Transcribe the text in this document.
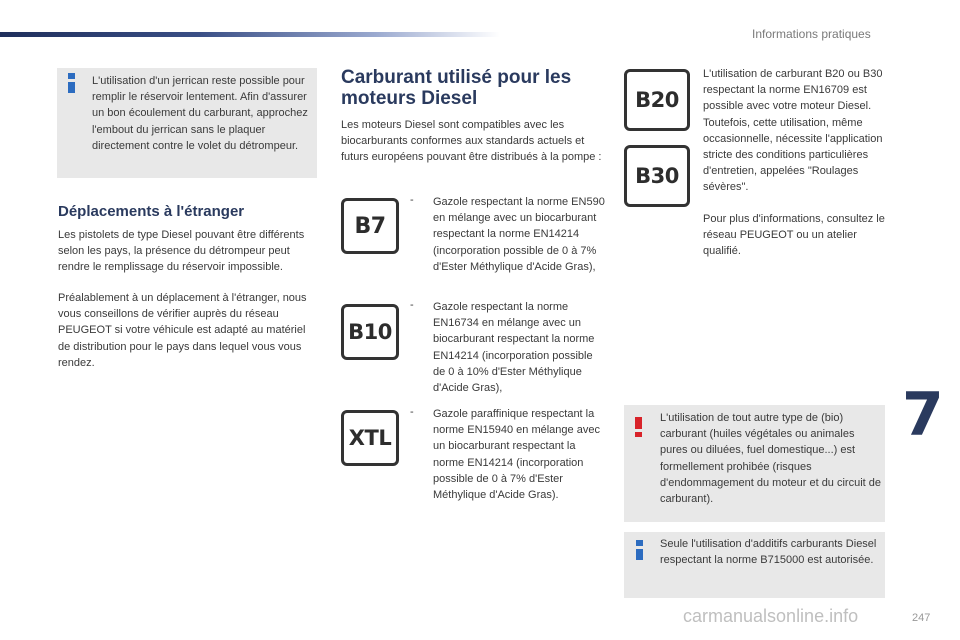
Informations pratiques
L'utilisation d'un jerrican reste possible pour remplir le réservoir lentement. Afin d'assurer un bon écoulement du carburant, approchez l'embout du jerrican sans le plaquer directement contre le volet du détrompeur.
Déplacements à l'étranger

Les pistolets de type Diesel pouvant être différents selon les pays, la présence du détrompeur peut rendre le remplissage du réservoir impossible.

Préalablement à un déplacement à l'étranger, nous vous conseillons de vérifier auprès du réseau PEUGEOT si votre véhicule est adapté au matériel de distribution pour le pays dans lequel vous vous rendez.

Carburant utilisé pour les
moteurs Diesel

Les moteurs Diesel sont compatibles avec les biocarburants conformes aux standards actuels et futurs européens pouvant être distribués à la pompe :

B7
- Gazole respectant la norme EN590 en mélange avec un biocarburant respectant la norme EN14214 (incorporation possible de 0 à 7% d'Ester Méthylique d'Acide Gras),

B10
- Gazole respectant la norme EN16734 en mélange avec un biocarburant respectant la norme EN14214 (incorporation possible de 0 à 10% d'Ester Méthylique d'Acide Gras),

XTL
- Gazole paraffinique respectant la norme EN15940 en mélange avec un biocarburant respectant la norme EN14214 (incorporation possible de 0 à 7% d'Ester Méthylique d'Acide Gras).

B20
B30

L'utilisation de carburant B20 ou B30 respectant la norme EN16709 est possible avec votre moteur Diesel. Toutefois, cette utilisation, même occasionnelle, nécessite l'application stricte des conditions particulières d'entretien, appelées "Roulages sévères".

Pour plus d'informations, consultez le réseau PEUGEOT ou un atelier qualifié.

L'utilisation de tout autre type de (bio) carburant (huiles végétales ou animales pures ou diluées, fuel domestique...) est formellement prohibée (risques d'endommagement du moteur et du circuit de carburant).
Seule l'utilisation d'additifs carburants Diesel respectant la norme B715000 est autorisée.
7
carmanualsonline.info	247
